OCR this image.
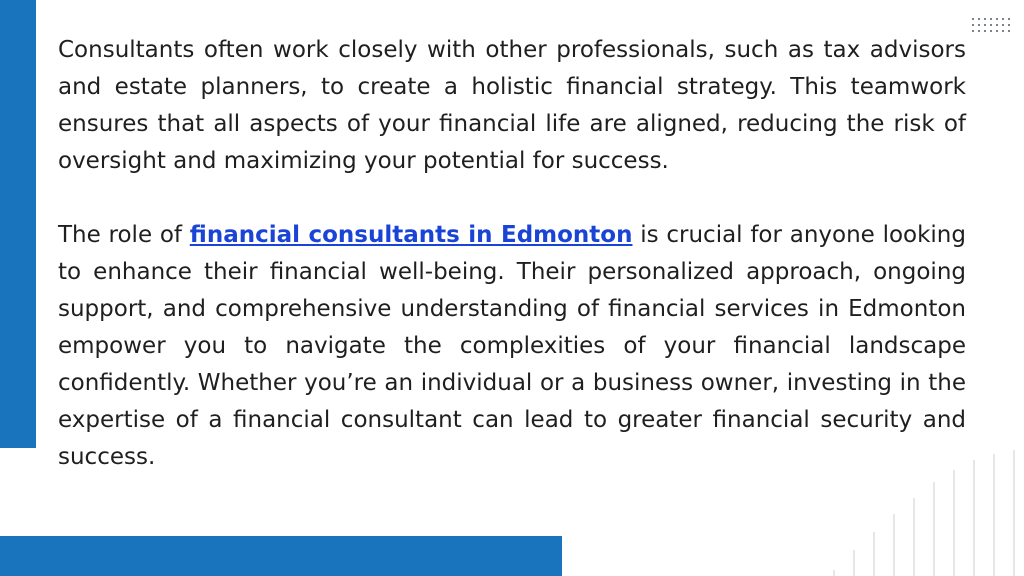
Consultants often work closely with other professionals, such as tax advisors and estate planners, to create a holistic financial strategy. This teamwork ensures that all aspects of your financial life are aligned, reducing the risk of oversight and maximizing your potential for success.

The role of financial consultants in Edmonton is crucial for anyone looking to enhance their financial well-being. Their personalized approach, ongoing support, and comprehensive understanding of financial services in Edmonton empower you to navigate the complexities of your financial landscape confidently. Whether you’re an individual or a business owner, investing in the expertise of a financial consultant can lead to greater financial security and success.
